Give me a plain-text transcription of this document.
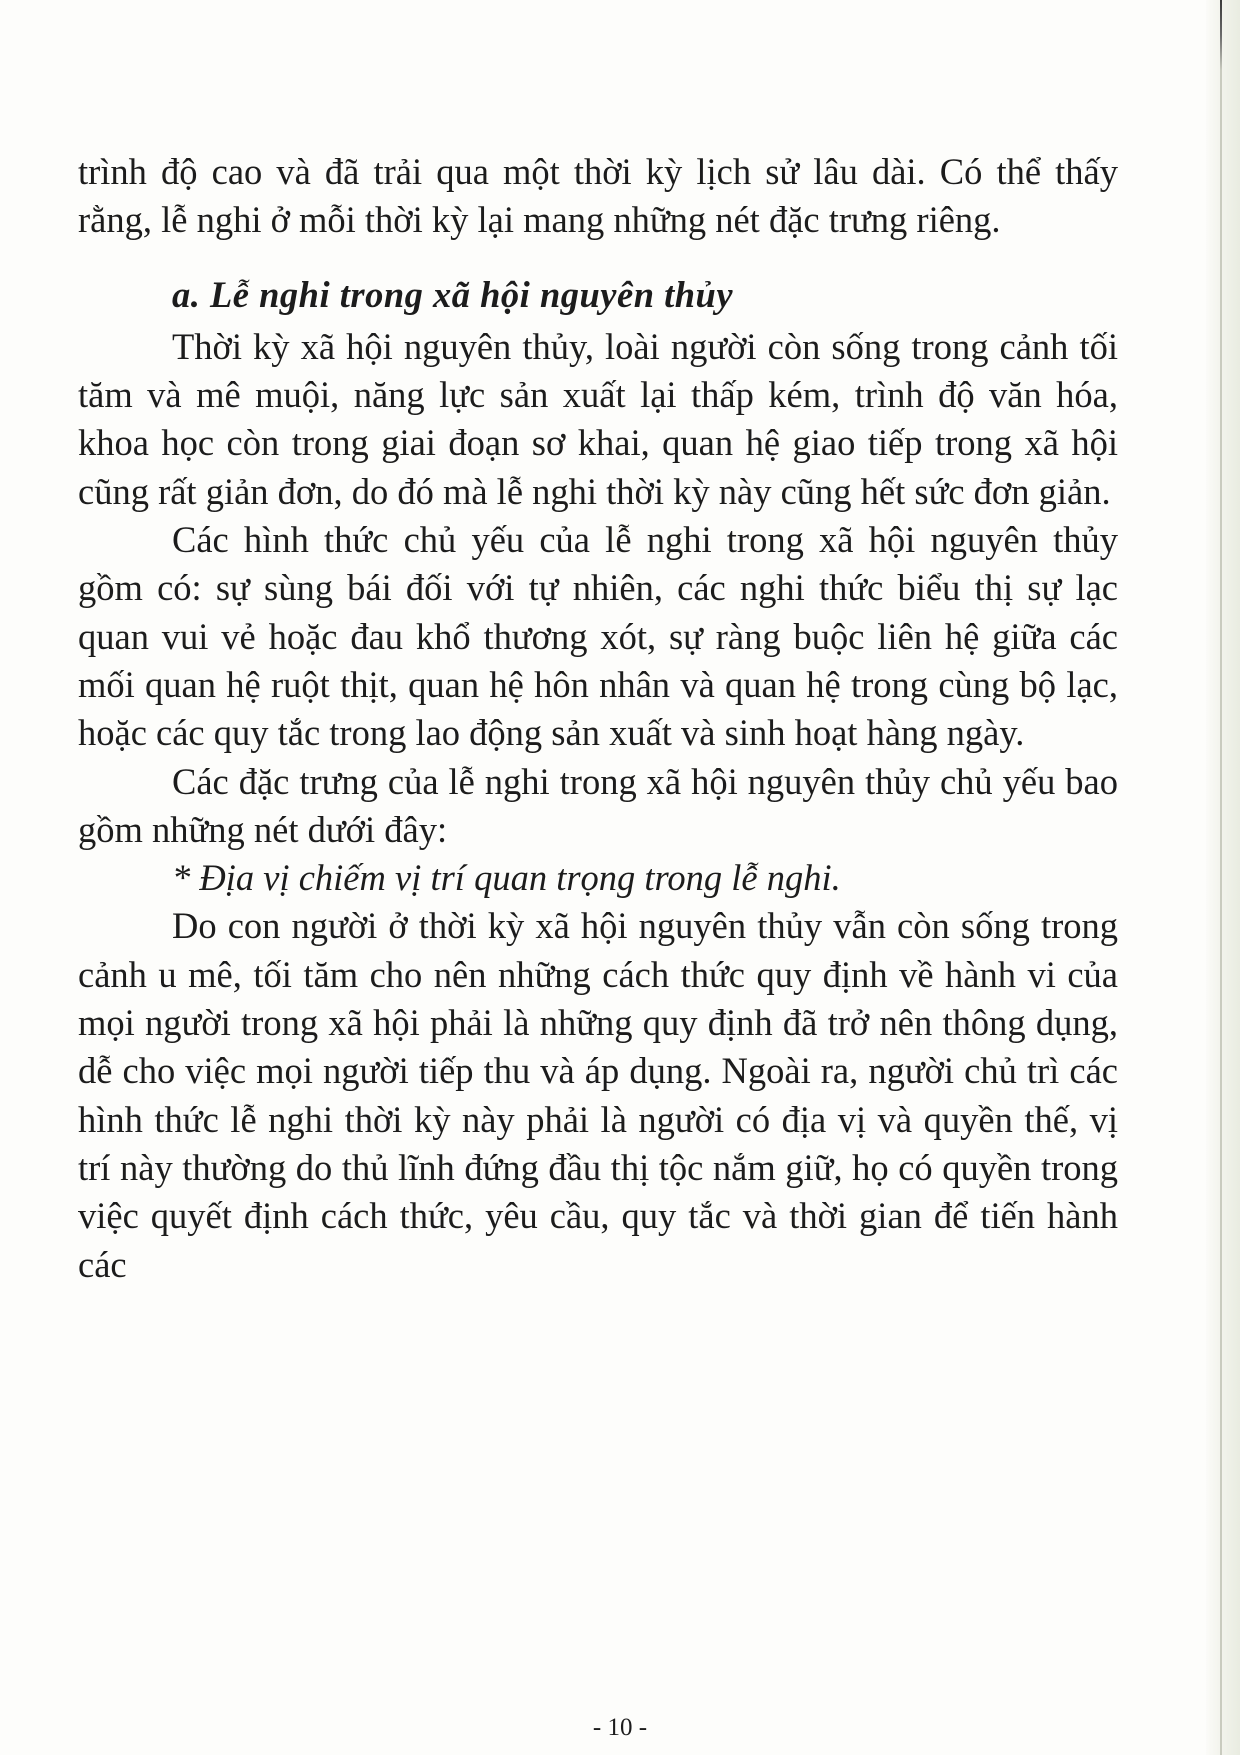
trình độ cao và đã trải qua một thời kỳ lịch sử lâu dài. Có thể thấy rằng, lễ nghi ở mỗi thời kỳ lại mang những nét đặc trưng riêng.

a. Lễ nghi trong xã hội nguyên thủy

Thời kỳ xã hội nguyên thủy, loài người còn sống trong cảnh tối tăm và mê muội, năng lực sản xuất lại thấp kém, trình độ văn hóa, khoa học còn trong giai đoạn sơ khai, quan hệ giao tiếp trong xã hội cũng rất giản đơn, do đó mà lễ nghi thời kỳ này cũng hết sức đơn giản.

Các hình thức chủ yếu của lễ nghi trong xã hội nguyên thủy gồm có: sự sùng bái đối với tự nhiên, các nghi thức biểu thị sự lạc quan vui vẻ hoặc đau khổ thương xót, sự ràng buộc liên hệ giữa các mối quan hệ ruột thịt, quan hệ hôn nhân và quan hệ trong cùng bộ lạc, hoặc các quy tắc trong lao động sản xuất và sinh hoạt hàng ngày.

Các đặc trưng của lễ nghi trong xã hội nguyên thủy chủ yếu bao gồm những nét dưới đây:

* Địa vị chiếm vị trí quan trọng trong lễ nghi.

Do con người ở thời kỳ xã hội nguyên thủy vẫn còn sống trong cảnh u mê, tối tăm cho nên những cách thức quy định về hành vi của mọi người trong xã hội phải là những quy định đã trở nên thông dụng, dễ cho việc mọi người tiếp thu và áp dụng. Ngoài ra, người chủ trì các hình thức lễ nghi thời kỳ này phải là người có địa vị và quyền thế, vị trí này thường do thủ lĩnh đứng đầu thị tộc nắm giữ, họ có quyền trong việc quyết định cách thức, yêu cầu, quy tắc và thời gian để tiến hành các

- 10 -
